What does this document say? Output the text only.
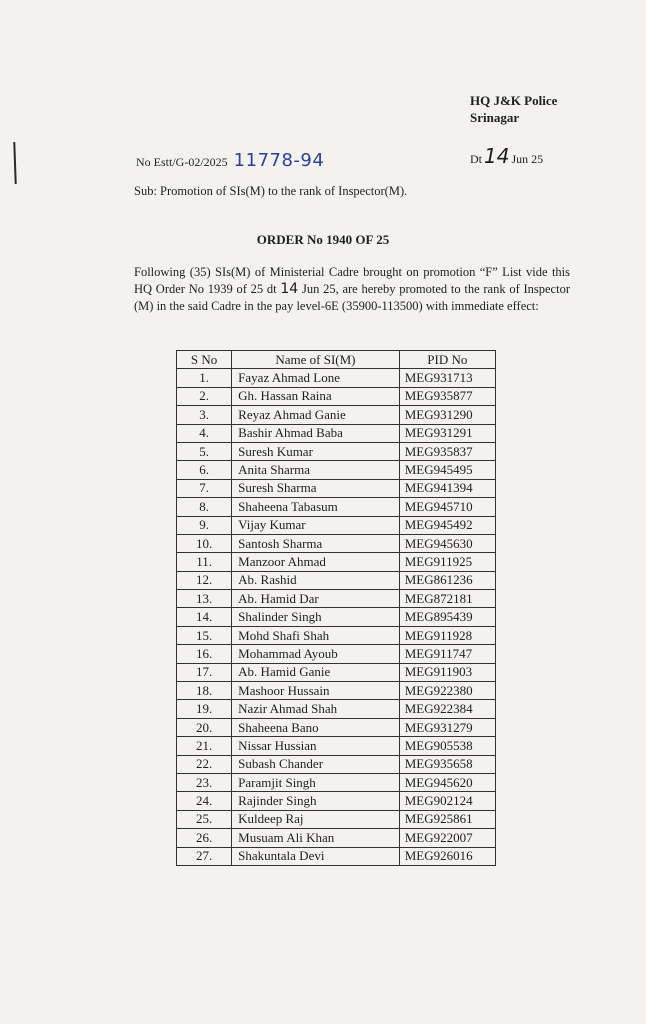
HQ J&K Police
Srinagar
No Estt/G-02/2025 11778-94	Dt 14 Jun 25
Sub: Promotion of SIs(M) to the rank of Inspector(M).
ORDER No 1940 OF 25
Following (35) SIs(M) of Ministerial Cadre brought on promotion “F” List vide this HQ Order No 1939 of 25 dt 14 Jun 25, are hereby promoted to the rank of Inspector (M) in the said Cadre in the pay level-6E (35900-113500) with immediate effect:
S No	Name of SI(M)	PID No
1.	Fayaz Ahmad Lone	MEG931713
2.	Gh. Hassan Raina	MEG935877
3.	Reyaz Ahmad Ganie	MEG931290
4.	Bashir Ahmad Baba	MEG931291
5.	Suresh Kumar	MEG935837
6.	Anita Sharma	MEG945495
7.	Suresh Sharma	MEG941394
8.	Shaheena Tabasum	MEG945710
9.	Vijay Kumar	MEG945492
10.	Santosh Sharma	MEG945630
11.	Manzoor Ahmad	MEG911925
12.	Ab. Rashid	MEG861236
13.	Ab. Hamid Dar	MEG872181
14.	Shalinder Singh	MEG895439
15.	Mohd Shafi Shah	MEG911928
16.	Mohammad Ayoub	MEG911747
17.	Ab. Hamid Ganie	MEG911903
18.	Mashoor Hussain	MEG922380
19.	Nazir Ahmad Shah	MEG922384
20.	Shaheena Bano	MEG931279
21.	Nissar Hussian	MEG905538
22.	Subash Chander	MEG935658
23.	Paramjit Singh	MEG945620
24.	Rajinder Singh	MEG902124
25.	Kuldeep Raj	MEG925861
26.	Musuam Ali Khan	MEG922007
27.	Shakuntala Devi	MEG926016
